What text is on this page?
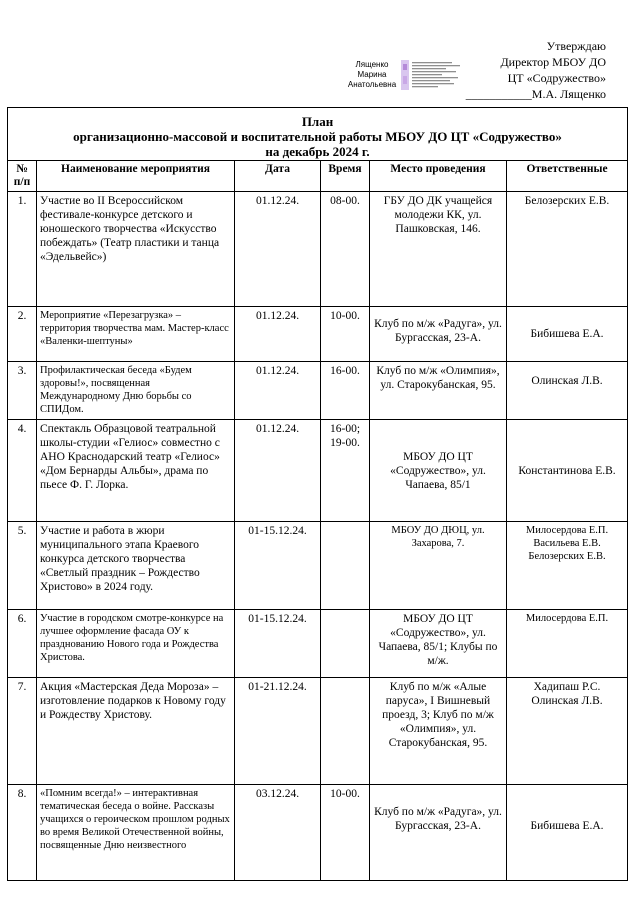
Утверждаю
Директор МБОУ ДО
ЦТ «Содружество»
___________М.А. Лященко
Лященко
Марина
Анатольевна
План
организационно-массовой и воспитательной работы МБОУ ДО ЦТ «Содружество»
на декабрь 2024 г.					

№ п/п	Наименование мероприятия	Дата	Время	Место проведения	Ответственные
1.	Участие во II Всероссийском фестивале-конкурсе детского и юношеского творчества «Искусство побеждать» (Театр пластики и танца «Эдельвейс»)	01.12.24.	08-00.	ГБУ ДО ДК учащейся молодежи КК, ул. Пашковская, 146.	Белозерских Е.В.
2.	Мероприятие «Перезагрузка» – территория творчества мам. Мастер-класс «Валенки-шептуны»	01.12.24.	10-00.	Клуб по м/ж «Радуга», ул. Бургасская, 23-А.	Бибишева Е.А.
3.	Профилактическая беседа «Будем здоровы!», посвященная Международному Дню борьбы со СПИДом.	01.12.24.	16-00.	Клуб по м/ж «Олимпия», ул. Старокубанская, 95.	Олинская Л.В.
4.	Спектакль Образцовой театральной школы-студии «Гелиос» совместно с АНО Краснодарский театр «Гелиос» «Дом Бернарды Альбы», драма по пьесе Ф. Г. Лорка.	01.12.24.	16-00; 19-00.	МБОУ ДО ЦТ «Содружество», ул. Чапаева, 85/1	Константинова Е.В.
5.	Участие и работа в жюри муниципального этапа Краевого конкурса детского творчества «Светлый праздник – Рождество Христово» в 2024 году.	01-15.12.24.		МБОУ ДО ДЮЦ, ул. Захарова, 7.	Милосердова Е.П. Васильева Е.В. Белозерских Е.В.
6.	Участие в городском смотре-конкурсе на лучшее оформление фасада ОУ к празднованию Нового года и Рождества Христова.	01-15.12.24.		МБОУ ДО ЦТ «Содружество», ул. Чапаева, 85/1; Клубы по м/ж.	Милосердова Е.П.
7.	Акция «Мастерская Деда Мороза» – изготовление подарков к Новому году и Рождеству Христову.	01-21.12.24.		Клуб по м/ж «Алые паруса», I Вишневый проезд, 3; Клуб по м/ж «Олимпия», ул. Старокубанская, 95.	Хадипаш Р.С. Олинская Л.В.
8.	«Помним всегда!» – интерактивная тематическая беседа о войне. Рассказы учащихся о героическом прошлом родных во время Великой Отечественной войны, посвященные Дню неизвестного	03.12.24.	10-00.	Клуб по м/ж «Радуга», ул. Бургасская, 23-А.	Бибишева Е.А.
